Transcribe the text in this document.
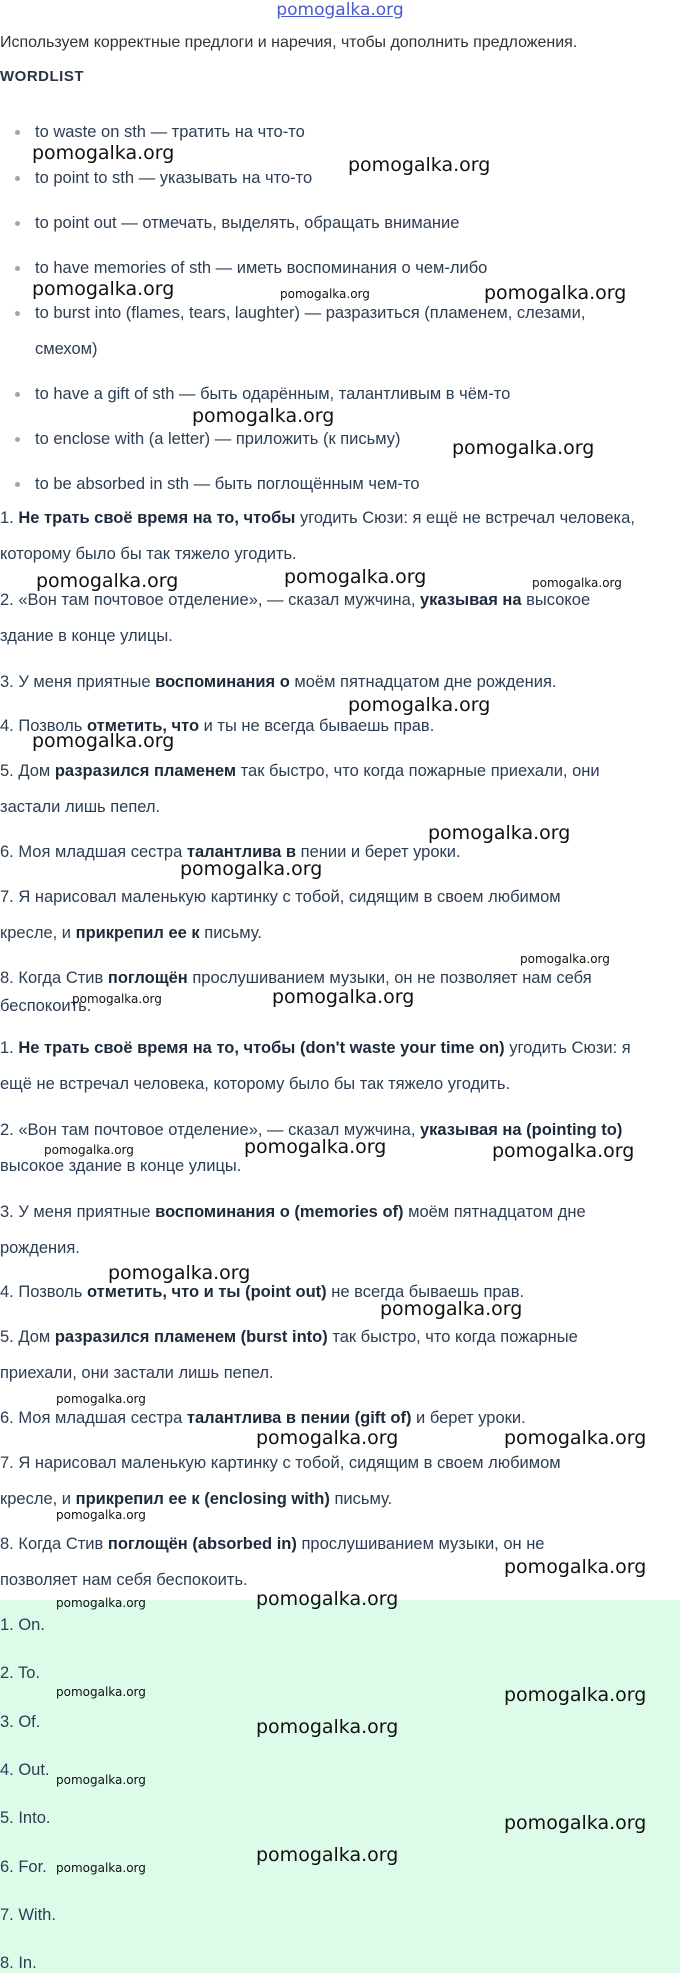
pomogalka.org
Используем корректные предлоги и наречия, чтобы дополнить предложения.
WORDLIST
to waste on sth — тратить на что-то
to point to sth — указывать на что-то
to point out — отмечать, выделять, обращать внимание
to have memories of sth — иметь воспоминания о чем-либо
to burst into (flames, tears, laughter) — разразиться (пламенем, слезами,
смехом)
to have a gift of sth — быть одарённым, талантливым в чём-то
to enclose with (a letter) — приложить (к письму)
to be absorbed in sth — быть поглощённым чем-то
1. Не трать своё время на то, чтобы угодить Сюзи: я ещё не встречал человека,
которому было бы так тяжело угодить.
2. «Вон там почтовое отделение», — сказал мужчина, указывая на высокое
здание в конце улицы.
3. У меня приятные воспоминания о моём пятнадцатом дне рождения.
4. Позволь отметить, что и ты не всегда бываешь прав.
5. Дом разразился пламенем так быстро, что когда пожарные приехали, они
застали лишь пепел.
6. Моя младшая сестра талантлива в пении и берет уроки.
7. Я нарисовал маленькую картинку с тобой, сидящим в своем любимом
кресле, и прикрепил ее к письму.
8. Когда Стив поглощён прослушиванием музыки, он не позволяет нам себя
беспокоить.
1. Не трать своё время на то, чтобы (don't waste your time on) угодить Сюзи: я
ещё не встречал человека, которому было бы так тяжело угодить.
2. «Вон там почтовое отделение», — сказал мужчина, указывая на (pointing to)
высокое здание в конце улицы.
3. У меня приятные воспоминания о (memories of) моём пятнадцатом дне
рождения.
4. Позволь отметить, что и ты (point out) не всегда бываешь прав.
5. Дом разразился пламенем (burst into) так быстро, что когда пожарные
приехали, они застали лишь пепел.
6. Моя младшая сестра талантлива в пении (gift of) и берет уроки.
7. Я нарисовал маленькую картинку с тобой, сидящим в своем любимом
кресле, и прикрепил ее к (enclosing with) письму.
8. Когда Стив поглощён (absorbed in) прослушиванием музыки, он не
позволяет нам себя беспокоить.
1. On.
2. To.
3. Of.
4. Out.
5. Into.
6. For.
7. With.
8. In.
pomogalka.org
pomogalka.org
pomogalka.org	pomogalka.org	pomogalka.org
pomogalka.org
pomogalka.org
pomogalka.org	pomogalka.org	pomogalka.org
pomogalka.org
pomogalka.org
pomogalka.org
pomogalka.org
pomogalka.org
pomogalka.org	pomogalka.org
pomogalka.org	pomogalka.org	pomogalka.org
pomogalka.org
pomogalka.org
pomogalka.org
pomogalka.org	pomogalka.org
pomogalka.org
pomogalka.org
pomogalka.org	pomogalka.org
pomogalka.org	pomogalka.org
pomogalka.org
pomogalka.org
pomogalka.org
pomogalka.org
pomogalka.org
